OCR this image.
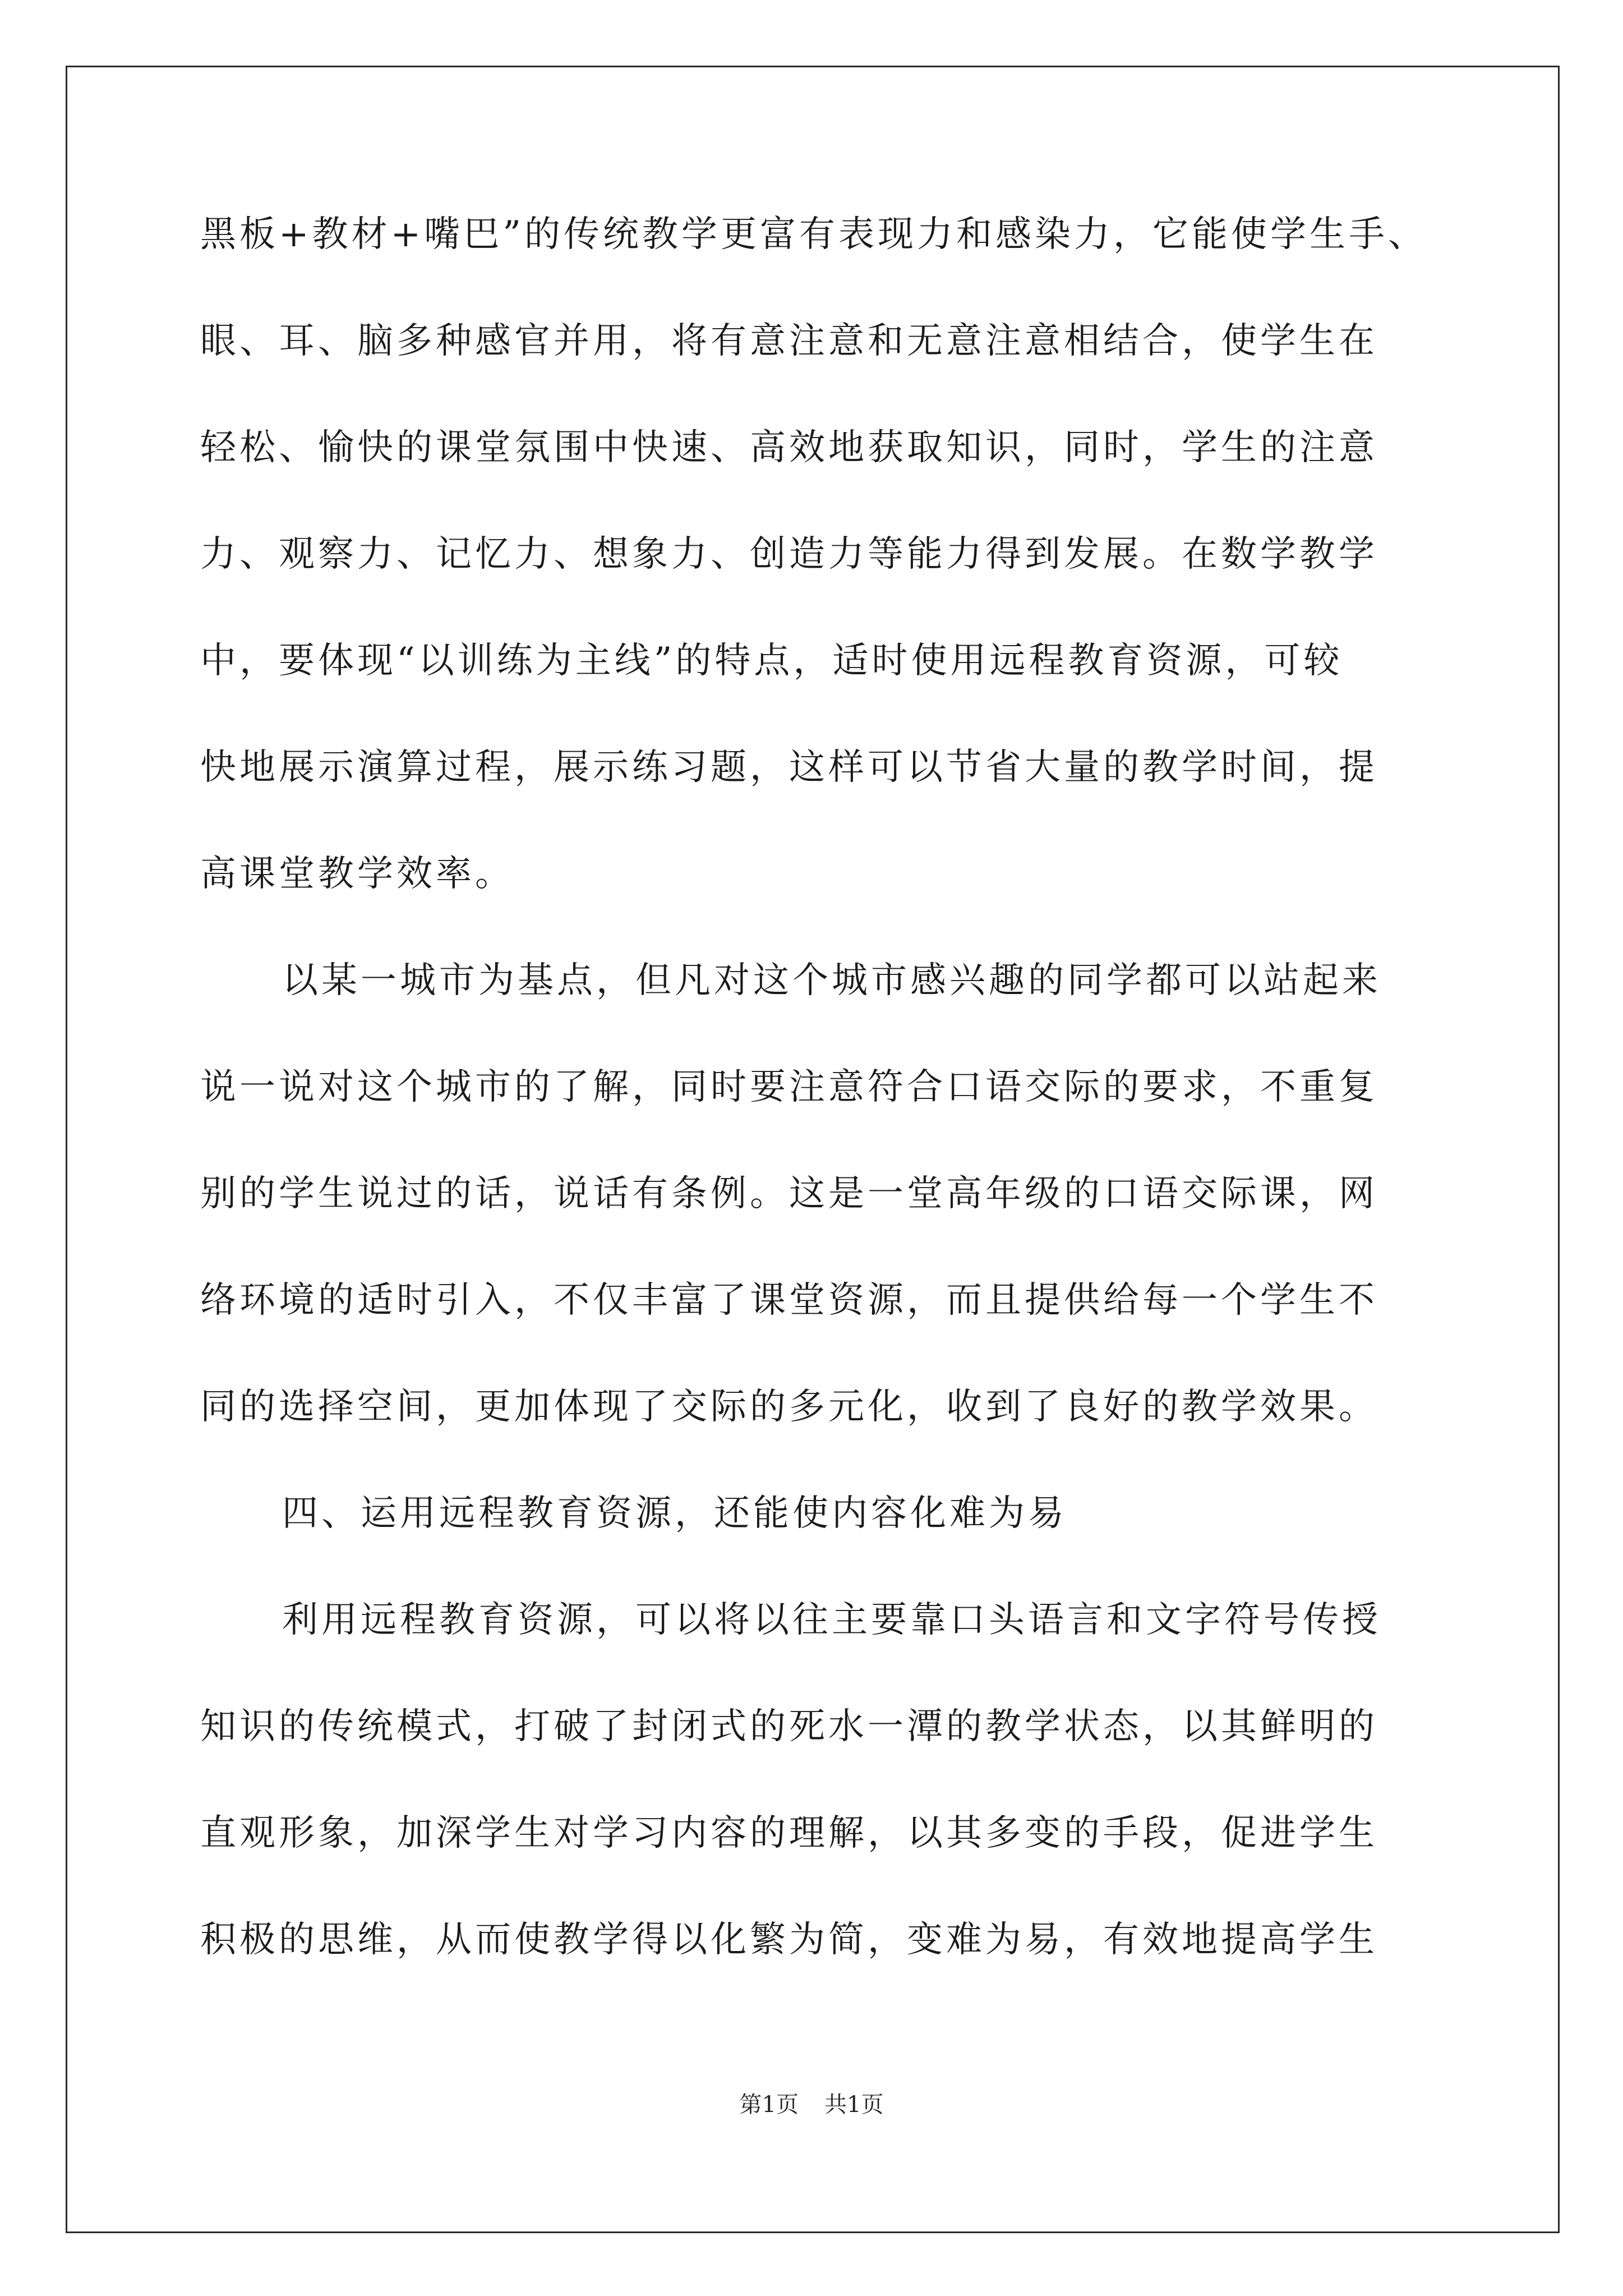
黑板+教材+嘴巴”的传统教学更富有表现力和感染力，它能使学生手、
眼、耳、脑多种感官并用，将有意注意和无意注意相结合，使学生在
轻松、愉快的课堂氛围中快速、高效地获取知识，同时，学生的注意
力、观察力、记忆力、想象力、创造力等能力得到发展。在数学教学
中，要体现“以训练为主线”的特点，适时使用远程教育资源，可较
快地展示演算过程，展示练习题，这样可以节省大量的教学时间，提
高课堂教学效率。
以某一城市为基点，但凡对这个城市感兴趣的同学都可以站起来
说一说对这个城市的了解，同时要注意符合口语交际的要求，不重复
别的学生说过的话，说话有条例。这是一堂高年级的口语交际课，网
络环境的适时引入，不仅丰富了课堂资源，而且提供给每一个学生不
同的选择空间，更加体现了交际的多元化，收到了良好的教学效果。
四、运用远程教育资源，还能使内容化难为易
利用远程教育资源，可以将以往主要靠口头语言和文字符号传授
知识的传统模式，打破了封闭式的死水一潭的教学状态，以其鲜明的
直观形象，加深学生对学习内容的理解，以其多变的手段，促进学生
积极的思维，从而使教学得以化繁为简，变难为易，有效地提高学生
第1页 共1页
